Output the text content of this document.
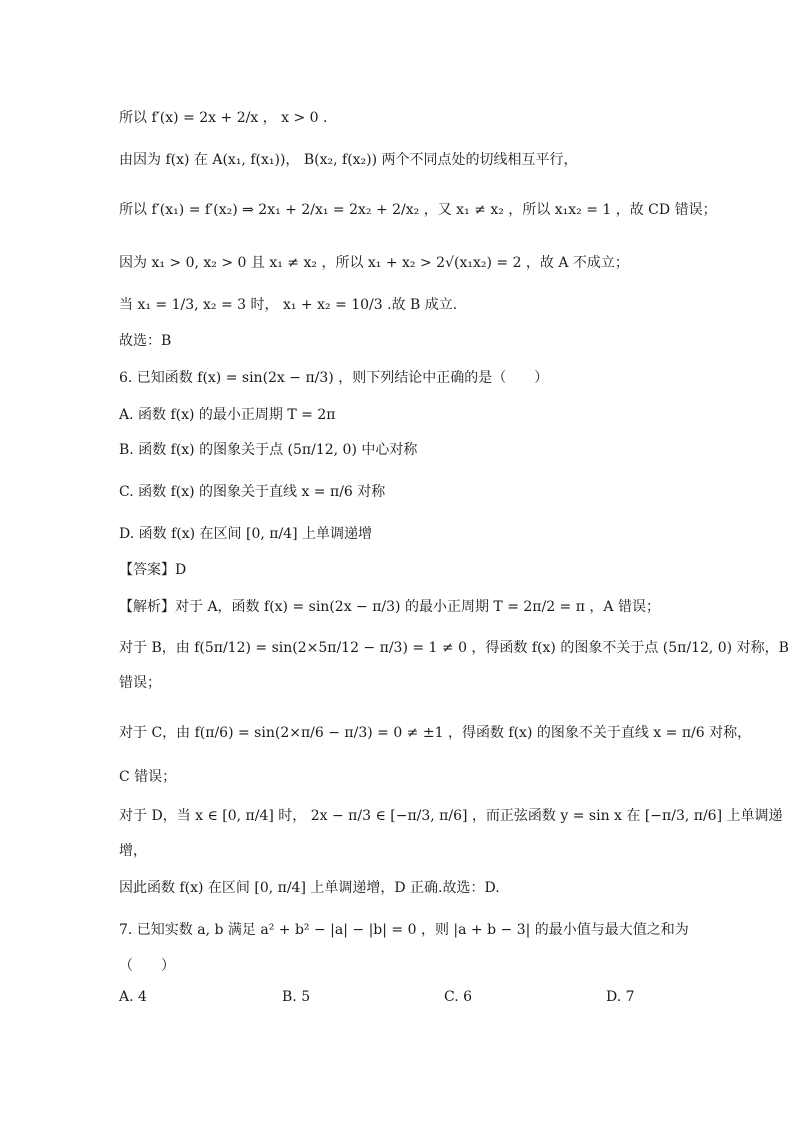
所以 f′(x) = 2x + 2/x ， x > 0 .
由因为 f(x) 在 A(x₁, f(x₁))， B(x₂, f(x₂)) 两个不同点处的切线相互平行，
所以 f′(x₁) = f′(x₂) ⇒ 2x₁ + 2/x₁ = 2x₂ + 2/x₂ ，又 x₁ ≠ x₂ ，所以 x₁x₂ = 1 ，故 CD 错误；
因为 x₁ > 0, x₂ > 0 且 x₁ ≠ x₂ ，所以 x₁ + x₂ > 2√(x₁x₂) = 2 ，故 A 不成立；
当 x₁ = 1/3, x₂ = 3 时， x₁ + x₂ = 10/3 .故 B 成立.
故选：B
6. 已知函数 f(x) = sin(2x − π/3) ，则下列结论中正确的是（　　）
A. 函数 f(x) 的最小正周期 T = 2π
B. 函数 f(x) 的图象关于点 (5π/12, 0) 中心对称
C. 函数 f(x) 的图象关于直线 x = π/6 对称
D. 函数 f(x) 在区间 [0, π/4] 上单调递增
【答案】D
【解析】对于 A，函数 f(x) = sin(2x − π/3) 的最小正周期 T = 2π/2 = π ，A 错误；
对于 B，由 f(5π/12) = sin(2×5π/12 − π/3) = 1 ≠ 0 ，得函数 f(x) 的图象不关于点 (5π/12, 0) 对称，B
错误；
对于 C，由 f(π/6) = sin(2×π/6 − π/3) = 0 ≠ ±1 ，得函数 f(x) 的图象不关于直线 x = π/6 对称，
C 错误；
对于 D，当 x ∈ [0, π/4] 时， 2x − π/3 ∈ [−π/3, π/6] ，而正弦函数 y = sin x 在 [−π/3, π/6] 上单调递
增，
因此函数 f(x) 在区间 [0, π/4] 上单调递增，D 正确.故选：D.
7. 已知实数 a, b 满足 a² + b² − |a| − |b| = 0 ，则 |a + b − 3| 的最小值与最大值之和为
（　　）
A. 4	B. 5	C. 6	D. 7
